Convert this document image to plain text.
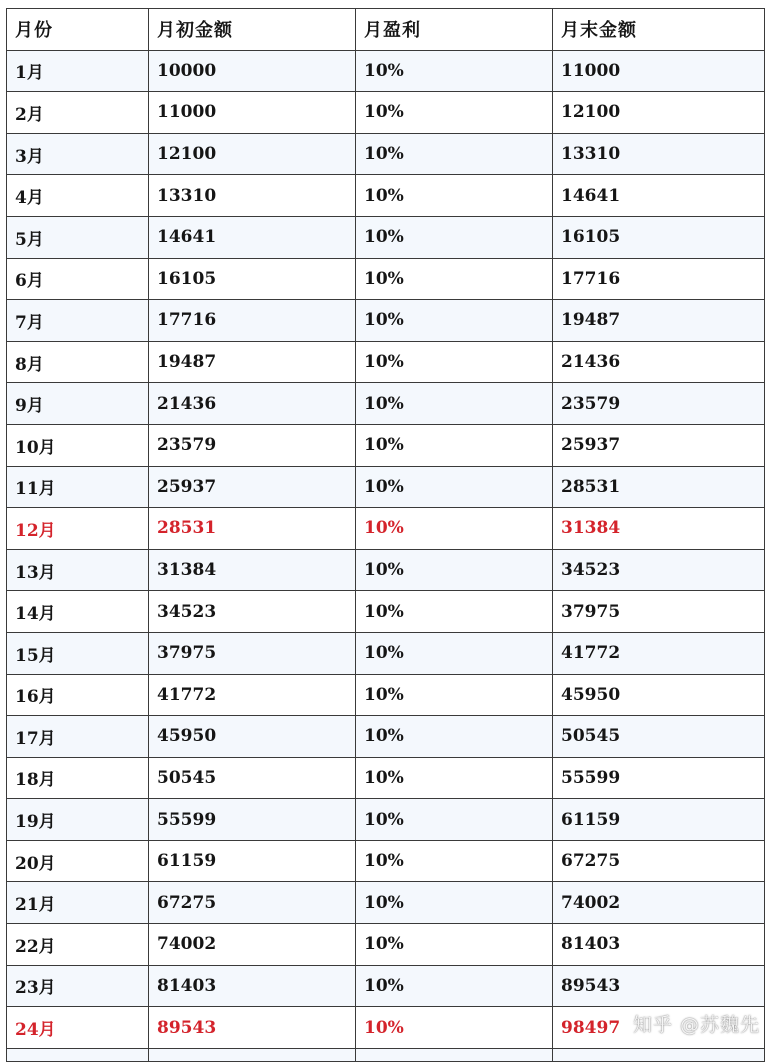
月份	月初金额	月盈利	月末金额
1月	10000	10%	11000
2月	11000	10%	12100
3月	12100	10%	13310
4月	13310	10%	14641
5月	14641	10%	16105
6月	16105	10%	17716
7月	17716	10%	19487
8月	19487	10%	21436
9月	21436	10%	23579
10月	23579	10%	25937
11月	25937	10%	28531
12月	28531	10%	31384
13月	31384	10%	34523
14月	34523	10%	37975
15月	37975	10%	41772
16月	41772	10%	45950
17月	45950	10%	50545
18月	50545	10%	55599
19月	55599	10%	61159
20月	61159	10%	67275
21月	67275	10%	74002
22月	74002	10%	81403
23月	81403	10%	89543
24月	89543	10%	98497
			知乎 @苏魏先
